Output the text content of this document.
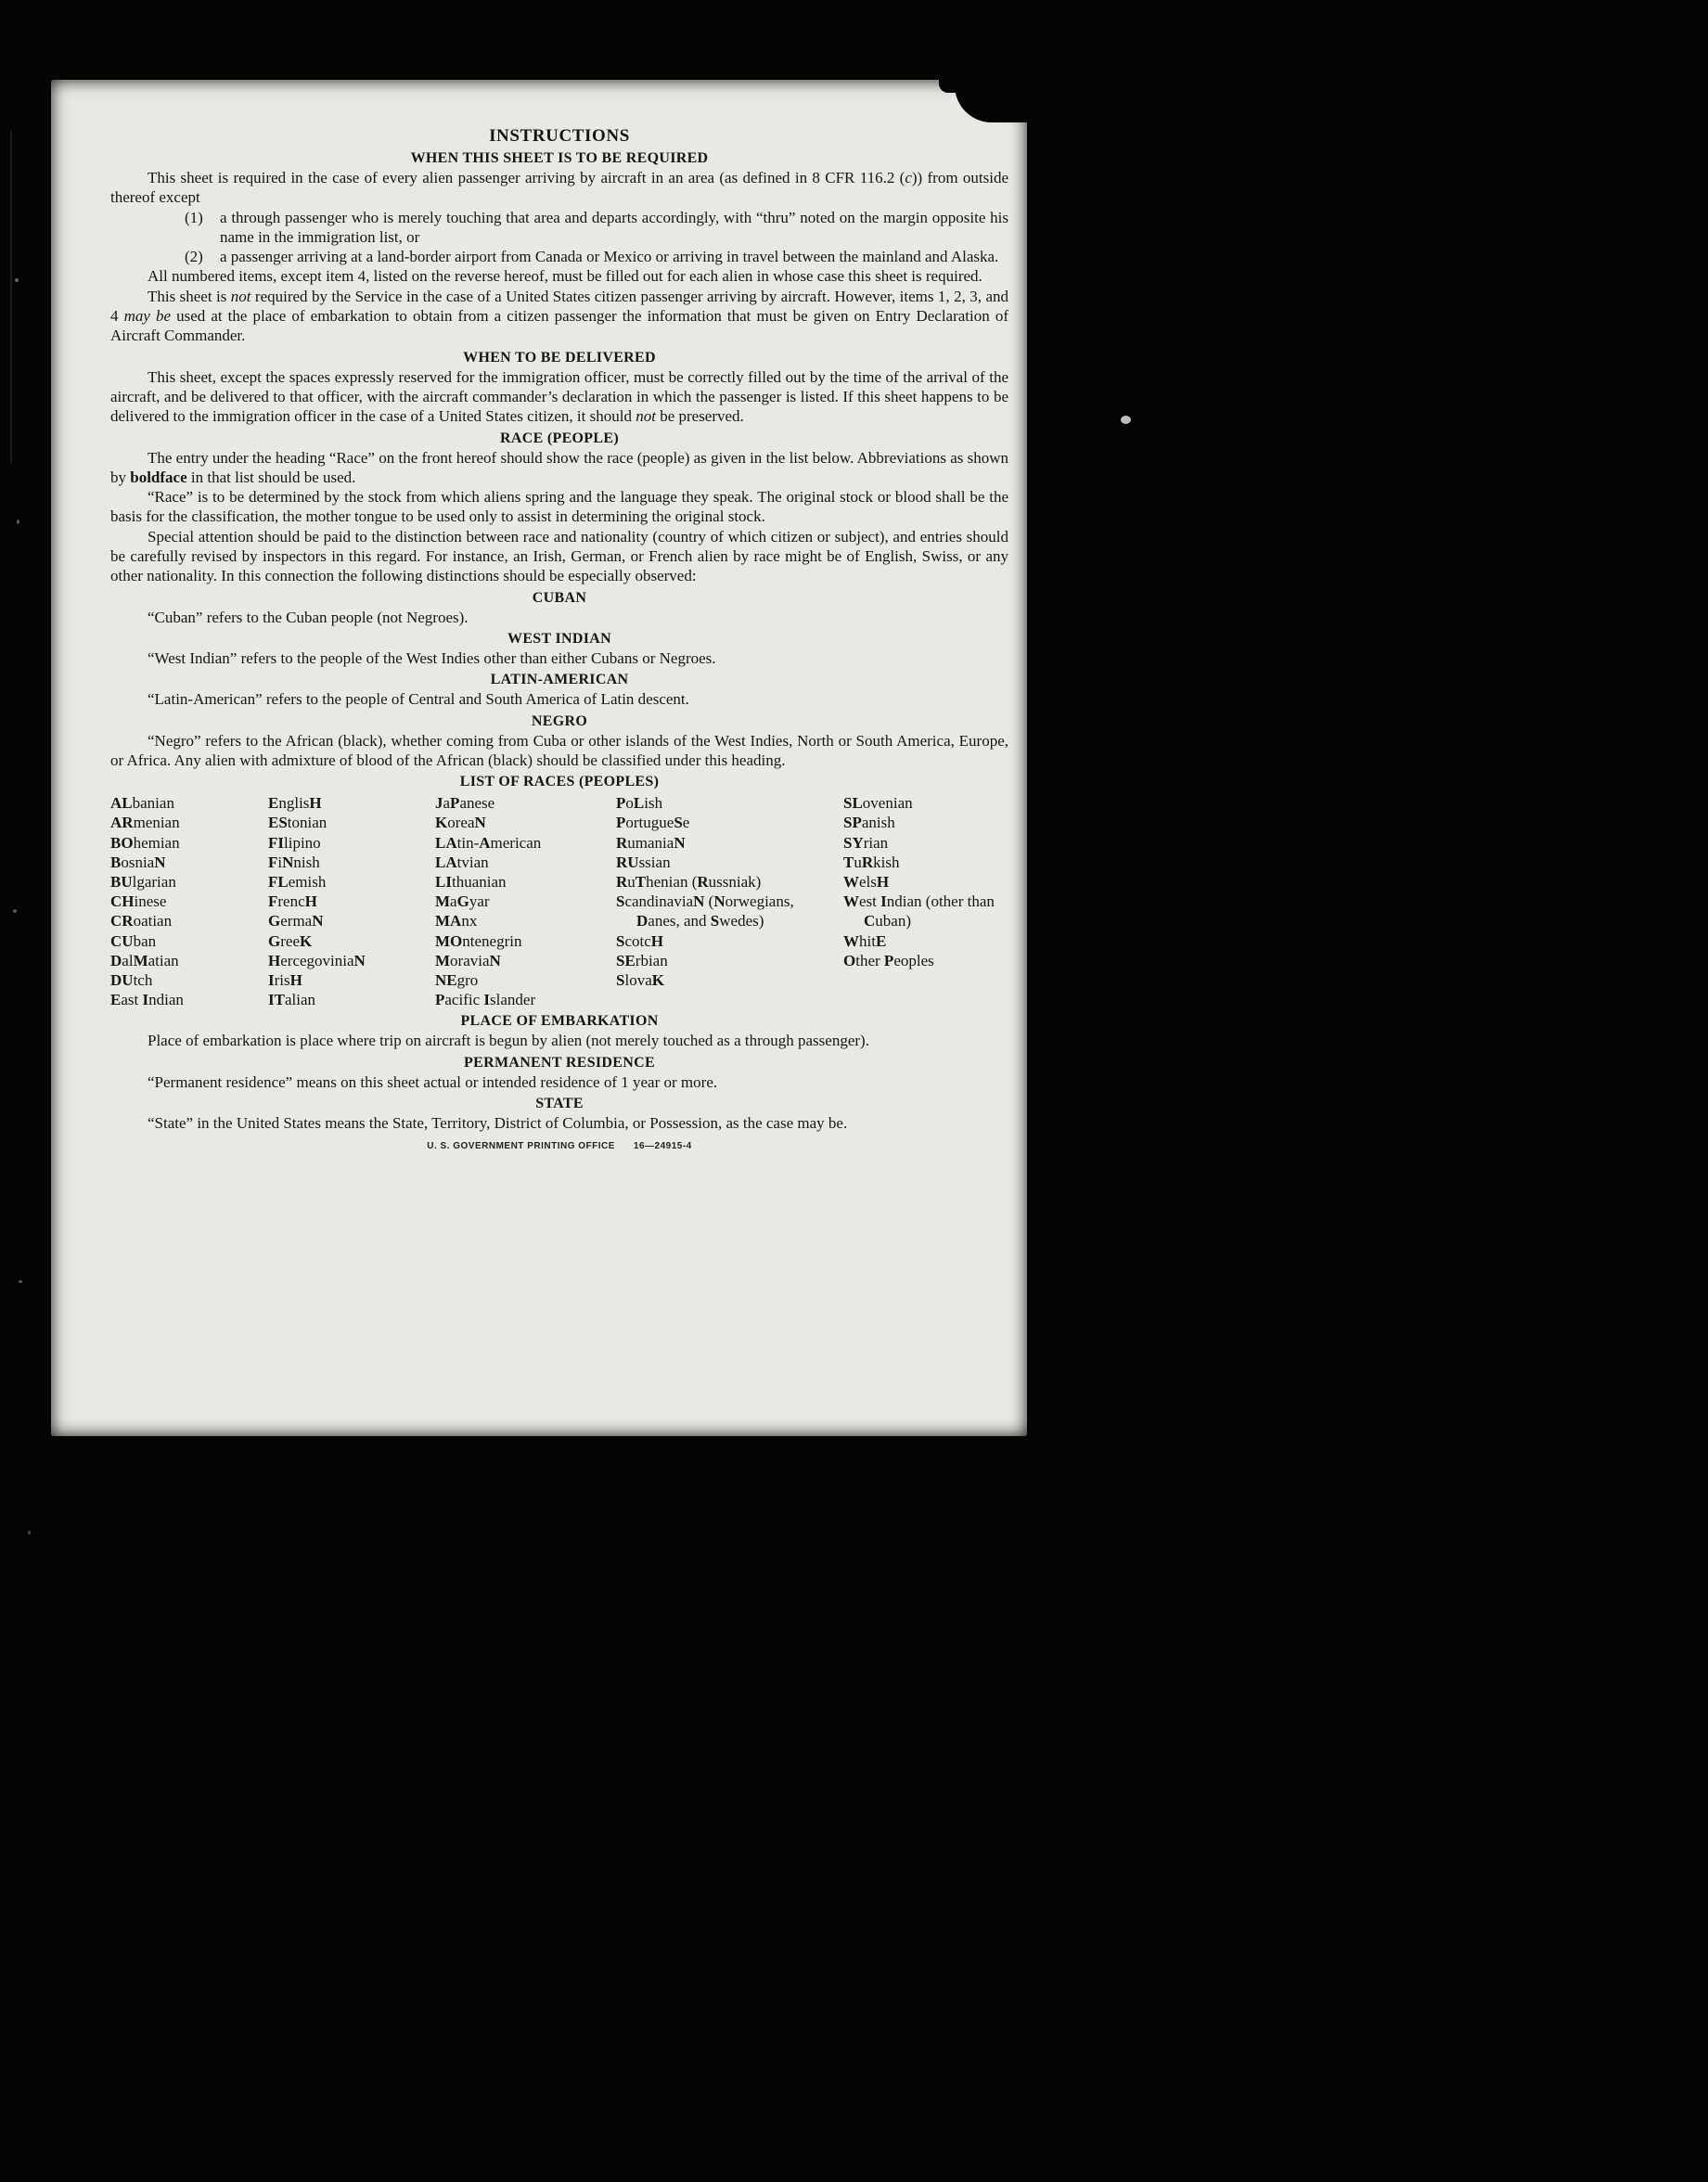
INSTRUCTIONS
WHEN THIS SHEET IS TO BE REQUIRED
This sheet is required in the case of every alien passenger arriving by aircraft in an area (as defined in 8 CFR 116.2 (c)) from outside thereof except
(1) a through passenger who is merely touching that area and departs accordingly, with “thru” noted on the margin opposite his name in the immigration list, or
(2) a passenger arriving at a land-border airport from Canada or Mexico or arriving in travel between the mainland and Alaska.
All numbered items, except item 4, listed on the reverse hereof, must be filled out for each alien in whose case this sheet is required.
This sheet is not required by the Service in the case of a United States citizen passenger arriving by aircraft. However, items 1, 2, 3, and 4 may be used at the place of embarkation to obtain from a citizen passenger the information that must be given on Entry Declaration of Aircraft Commander.
WHEN TO BE DELIVERED
This sheet, except the spaces expressly reserved for the immigration officer, must be correctly filled out by the time of the arrival of the aircraft, and be delivered to that officer, with the aircraft commander’s declaration in which the passenger is listed. If this sheet happens to be delivered to the immigration officer in the case of a United States citizen, it should not be preserved.
RACE (PEOPLE)
The entry under the heading “Race” on the front hereof should show the race (people) as given in the list below. Abbreviations as shown by boldface in that list should be used.
“Race” is to be determined by the stock from which aliens spring and the language they speak. The original stock or blood shall be the basis for the classification, the mother tongue to be used only to assist in determining the original stock.
Special attention should be paid to the distinction between race and nationality (country of which citizen or subject), and entries should be carefully revised by inspectors in this regard. For instance, an Irish, German, or French alien by race might be of English, Swiss, or any other nationality. In this connection the following distinctions should be especially observed:
CUBAN
“Cuban” refers to the Cuban people (not Negroes).
WEST INDIAN
“West Indian” refers to the people of the West Indies other than either Cubans or Negroes.
LATIN-AMERICAN
“Latin-American” refers to the people of Central and South America of Latin descent.
NEGRO
“Negro” refers to the African (black), whether coming from Cuba or other islands of the West Indies, North or South America, Europe, or Africa. Any alien with admixture of blood of the African (black) should be classified under this heading.
LIST OF RACES (PEOPLES)
ALbanian
ARmenian
BOhemian
BosniaN
BUlgarian
CHinese
CRoatian
CUban
DalMatian
DUtch
East Indian
EnglisH
EStonian
FIlipino
FiNnish
FLemish
FrencH
GermaN
GreeK
HercegoviniaN
IrisH
ITalian
JaPanese
KoreaN
LAtin-American
LAtvian
LIthuanian
MaGyar
MAnx
MOntenegrin
MoraviaN
NEgro
Pacific Islander
PoLish
PortugueSe
RumaniaN
RUssian
RuThenian (Russniak)
ScandinaviaN (Norwegians, Danes, and Swedes)
ScotcH
SErbian
SlovaK
SLovenian
SPanish
SYrian
TuRkish
WelsH
West Indian (other than Cuban)
WhitE
Other Peoples
PLACE OF EMBARKATION
Place of embarkation is place where trip on aircraft is begun by alien (not merely touched as a through passenger).
PERMANENT RESIDENCE
“Permanent residence” means on this sheet actual or intended residence of 1 year or more.
STATE
“State” in the United States means the State, Territory, District of Columbia, or Possession, as the case may be.
U. S. GOVERNMENT PRINTING OFFICE 16—24915-4
